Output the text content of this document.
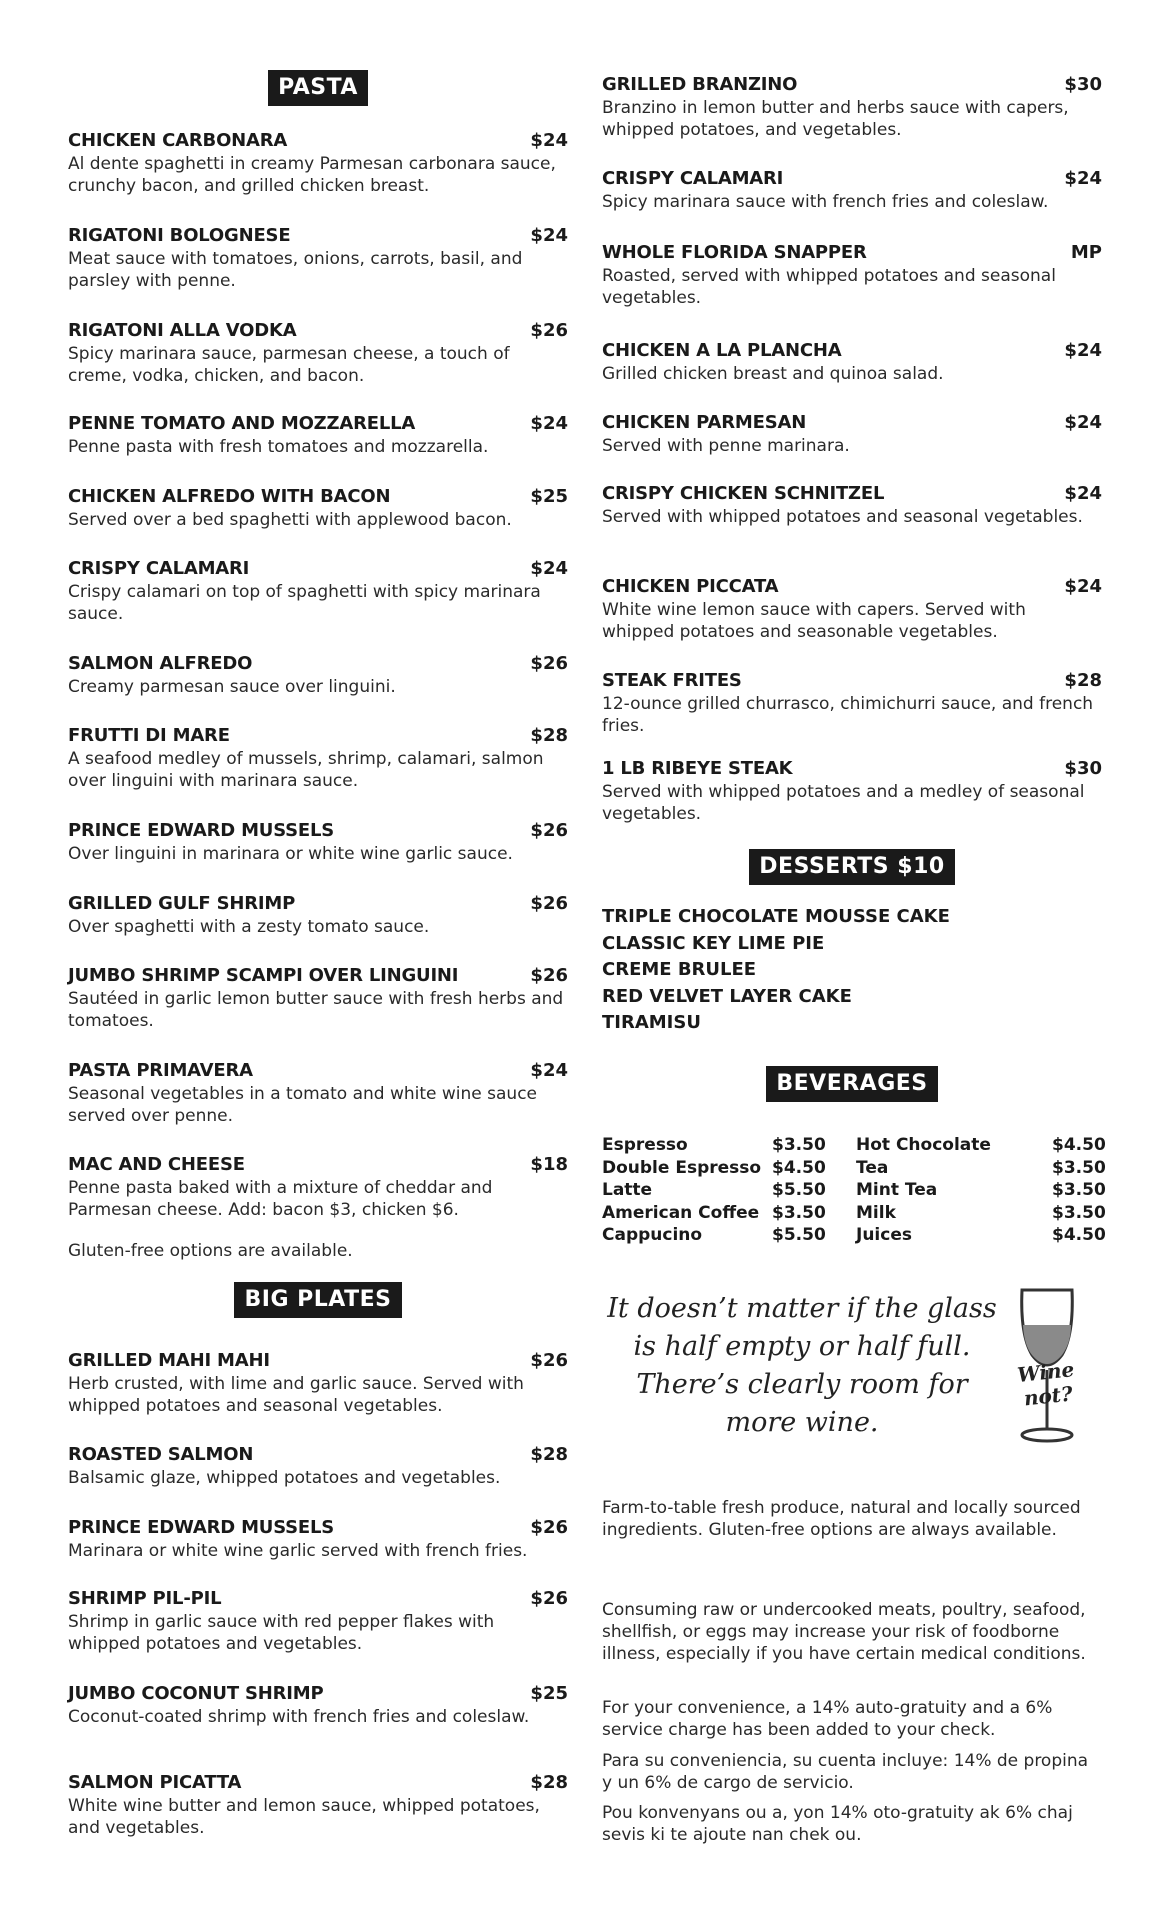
PASTA
CHICKEN CARBONARA	$24
Al dente spaghetti in creamy Parmesan carbonara sauce, crunchy bacon, and grilled chicken breast.
RIGATONI BOLOGNESE	$24
Meat sauce with tomatoes, onions, carrots, basil, and parsley with penne.
RIGATONI ALLA VODKA	$26
Spicy marinara sauce, parmesan cheese, a touch of creme, vodka, chicken, and bacon.
PENNE TOMATO AND MOZZARELLA	$24
Penne pasta with fresh tomatoes and mozzarella.
CHICKEN ALFREDO WITH BACON	$25
Served over a bed spaghetti with applewood bacon.
CRISPY CALAMARI	$24
Crispy calamari on top of spaghetti with spicy marinara sauce.
SALMON ALFREDO	$26
Creamy parmesan sauce over linguini.
FRUTTI DI MARE	$28
A seafood medley of mussels, shrimp, calamari, salmon over linguini with marinara sauce.
PRINCE EDWARD MUSSELS	$26
Over linguini in marinara or white wine garlic sauce.
GRILLED GULF SHRIMP	$26
Over spaghetti with a zesty tomato sauce.
JUMBO SHRIMP SCAMPI OVER LINGUINI	$26
Sautéed in garlic lemon butter sauce with fresh herbs and tomatoes.
PASTA PRIMAVERA	$24
Seasonal vegetables in a tomato and white wine sauce served over penne.
MAC AND CHEESE	$18
Penne pasta baked with a mixture of cheddar and Parmesan cheese. Add: bacon $3, chicken $6.
Gluten-free options are available.
BIG PLATES
GRILLED MAHI MAHI	$26
Herb crusted, with lime and garlic sauce. Served with whipped potatoes and seasonal vegetables.
ROASTED SALMON	$28
Balsamic glaze, whipped potatoes and vegetables.
PRINCE EDWARD MUSSELS	$26
Marinara or white wine garlic served with french fries.
SHRIMP PIL-PIL	$26
Shrimp in garlic sauce with red pepper flakes with whipped potatoes and vegetables.
JUMBO COCONUT SHRIMP	$25
Coconut-coated shrimp with french fries and coleslaw.
SALMON PICATTA	$28
White wine butter and lemon sauce, whipped potatoes, and vegetables.
GRILLED BRANZINO	$30
Branzino in lemon butter and herbs sauce with capers, whipped potatoes, and vegetables.
CRISPY CALAMARI	$24
Spicy marinara sauce with french fries and coleslaw.
WHOLE FLORIDA SNAPPER	MP
Roasted, served with whipped potatoes and seasonal vegetables.
CHICKEN A LA PLANCHA	$24
Grilled chicken breast and quinoa salad.
CHICKEN PARMESAN	$24
Served with penne marinara.
CRISPY CHICKEN SCHNITZEL	$24
Served with whipped potatoes and seasonal vegetables.
CHICKEN PICCATA	$24
White wine lemon sauce with capers. Served with whipped potatoes and seasonable vegetables.
STEAK FRITES	$28
12-ounce grilled churrasco, chimichurri sauce, and french fries.
1 LB RIBEYE STEAK	$30
Served with whipped potatoes and a medley of seasonal vegetables.
DESSERTS $10
TRIPLE CHOCOLATE MOUSSE CAKE
CLASSIC KEY LIME PIE
CREME BRULEE
RED VELVET LAYER CAKE
TIRAMISU
BEVERAGES
Espresso	$3.50	Hot Chocolate	$4.50
Double Espresso $4.50	Tea	$3.50
Latte	$5.50	Mint Tea	$3.50
American Coffee $3.50	Milk	$3.50
Cappucino	$5.50	Juices	$4.50
It doesn’t matter if the glass
is half empty or half full.
There’s clearly room for
more wine.
Wine
not?
Farm-to-table fresh produce, natural and locally sourced ingredients. Gluten-free options are always available.
Consuming raw or undercooked meats, poultry, seafood, shellfish, or eggs may increase your risk of foodborne illness, especially if you have certain medical conditions.
For your convenience, a 14% auto-gratuity and a 6% service charge has been added to your check.
Para su conveniencia, su cuenta incluye: 14% de propina y un 6% de cargo de servicio.
Pou konvenyans ou a, yon 14% oto-gratuity ak 6% chaj sevis ki te ajoute nan chek ou.
